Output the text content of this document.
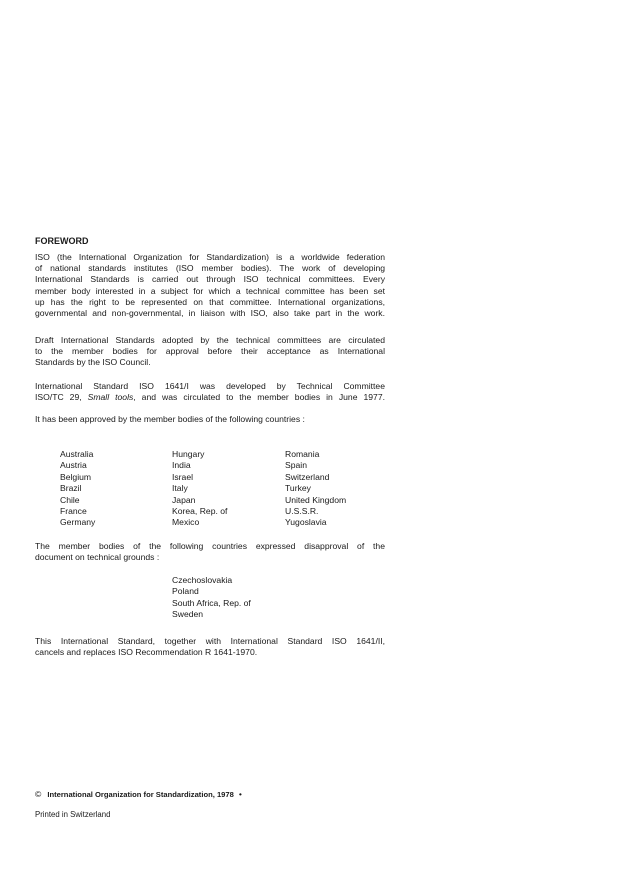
FOREWORD
ISO (the International Organization for Standardization) is a worldwide federation
of national standards institutes (ISO member bodies). The work of developing
International Standards is carried out through ISO technical committees. Every
member body interested in a subject for which a technical committee has been set
up has the right to be represented on that committee. International organizations,
governmental and non-governmental, in liaison with ISO, also take part in the work.
Draft International Standards adopted by the technical committees are circulated
to the member bodies for approval before their acceptance as International
Standards by the ISO Council.
International Standard ISO 1641/I was developed by Technical Committee
ISO/TC 29, Small tools, and was circulated to the member bodies in June 1977.
It has been approved by the member bodies of the following countries :
Australia
Austria
Belgium
Brazil
Chile
France
Germany
Hungary
India
Israel
Italy
Japan
Korea, Rep. of
Mexico
Romania
Spain
Switzerland
Turkey
United Kingdom
U.S.S.R.
Yugoslavia
The member bodies of the following countries expressed disapproval of the
document on technical grounds :
Czechoslovakia
Poland
South Africa, Rep. of
Sweden
This International Standard, together with International Standard ISO 1641/II,
cancels and replaces ISO Recommendation R 1641-1970.
© International Organization for Standardization, 1978 •
Printed in Switzerland
